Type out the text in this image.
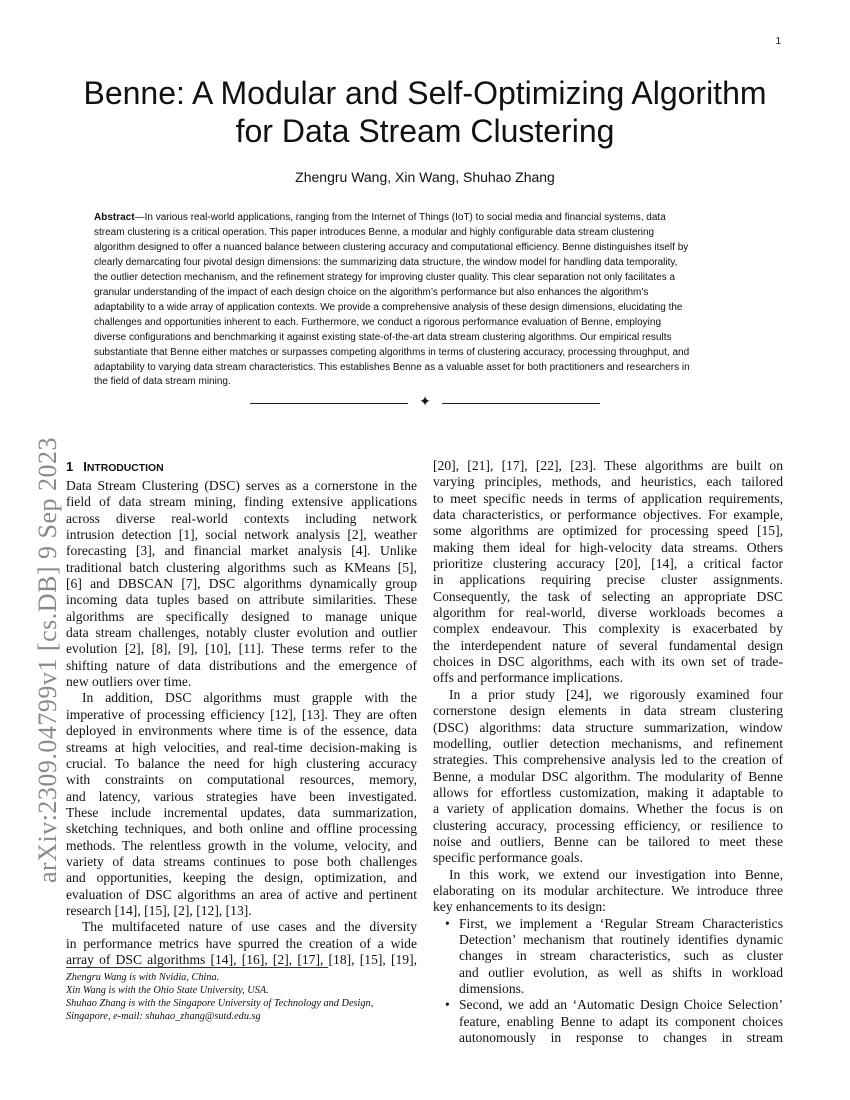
1
arXiv:2309.04799v1 [cs.DB] 9 Sep 2023
Benne: A Modular and Self-Optimizing Algorithm
for Data Stream Clustering
Zhengru Wang, Xin Wang, Shuhao Zhang
Abstract—In various real-world applications, ranging from the Internet of Things (IoT) to social media and financial systems, data
stream clustering is a critical operation. This paper introduces Benne, a modular and highly configurable data stream clustering
algorithm designed to offer a nuanced balance between clustering accuracy and computational efficiency. Benne distinguishes itself by
clearly demarcating four pivotal design dimensions: the summarizing data structure, the window model for handling data temporality,
the outlier detection mechanism, and the refinement strategy for improving cluster quality. This clear separation not only facilitates a
granular understanding of the impact of each design choice on the algorithm’s performance but also enhances the algorithm’s
adaptability to a wide array of application contexts. We provide a comprehensive analysis of these design dimensions, elucidating the
challenges and opportunities inherent to each. Furthermore, we conduct a rigorous performance evaluation of Benne, employing
diverse configurations and benchmarking it against existing state-of-the-art data stream clustering algorithms. Our empirical results
substantiate that Benne either matches or surpasses competing algorithms in terms of clustering accuracy, processing throughput, and
adaptability to varying data stream characteristics. This establishes Benne as a valuable asset for both practitioners and researchers in
the field of data stream mining.
✦
1 INTRODUCTION
Data Stream Clustering (DSC) serves as a cornerstone in the
field of data stream mining, finding extensive applications
across diverse real-world contexts including network
intrusion detection [1], social network analysis [2], weather
forecasting [3], and financial market analysis [4]. Unlike
traditional batch clustering algorithms such as KMeans [5],
[6] and DBSCAN [7], DSC algorithms dynamically group
incoming data tuples based on attribute similarities. These
algorithms are specifically designed to manage unique
data stream challenges, notably cluster evolution and outlier
evolution [2], [8], [9], [10], [11]. These terms refer to the
shifting nature of data distributions and the emergence of
new outliers over time.
In addition, DSC algorithms must grapple with the
imperative of processing efficiency [12], [13]. They are often
deployed in environments where time is of the essence, data
streams at high velocities, and real-time decision-making is
crucial. To balance the need for high clustering accuracy
with constraints on computational resources, memory,
and latency, various strategies have been investigated.
These include incremental updates, data summarization,
sketching techniques, and both online and offline processing
methods. The relentless growth in the volume, velocity, and
variety of data streams continues to pose both challenges
and opportunities, keeping the design, optimization, and
evaluation of DSC algorithms an area of active and pertinent
research [14], [15], [2], [12], [13].
The multifaceted nature of use cases and the diversity
in performance metrics have spurred the creation of a wide
array of DSC algorithms [14], [16], [2], [17], [18], [15], [19],
[20], [21], [17], [22], [23]. These algorithms are built on
varying principles, methods, and heuristics, each tailored
to meet specific needs in terms of application requirements,
data characteristics, or performance objectives. For example,
some algorithms are optimized for processing speed [15],
making them ideal for high-velocity data streams. Others
prioritize clustering accuracy [20], [14], a critical factor
in applications requiring precise cluster assignments.
Consequently, the task of selecting an appropriate DSC
algorithm for real-world, diverse workloads becomes a
complex endeavour. This complexity is exacerbated by
the interdependent nature of several fundamental design
choices in DSC algorithms, each with its own set of trade-
offs and performance implications.
In a prior study [24], we rigorously examined four
cornerstone design elements in data stream clustering
(DSC) algorithms: data structure summarization, window
modelling, outlier detection mechanisms, and refinement
strategies. This comprehensive analysis led to the creation of
Benne, a modular DSC algorithm. The modularity of Benne
allows for effortless customization, making it adaptable to
a variety of application domains. Whether the focus is on
clustering accuracy, processing efficiency, or resilience to
noise and outliers, Benne can be tailored to meet these
specific performance goals.
In this work, we extend our investigation into Benne,
elaborating on its modular architecture. We introduce three
key enhancements to its design:
• First, we implement a ‘Regular Stream Characteristics
Detection’ mechanism that routinely identifies dynamic
changes in stream characteristics, such as cluster
and outlier evolution, as well as shifts in workload
dimensions.
• Second, we add an ‘Automatic Design Choice Selection’
feature, enabling Benne to adapt its component choices
autonomously in response to changes in stream
Zhengru Wang is with Nvidia, China.
Xin Wang is with the Ohio State University, USA.
Shuhao Zhang is with the Singapore University of Technology and Design,
Singapore, e-mail: shuhao_zhang@sutd.edu.sg
